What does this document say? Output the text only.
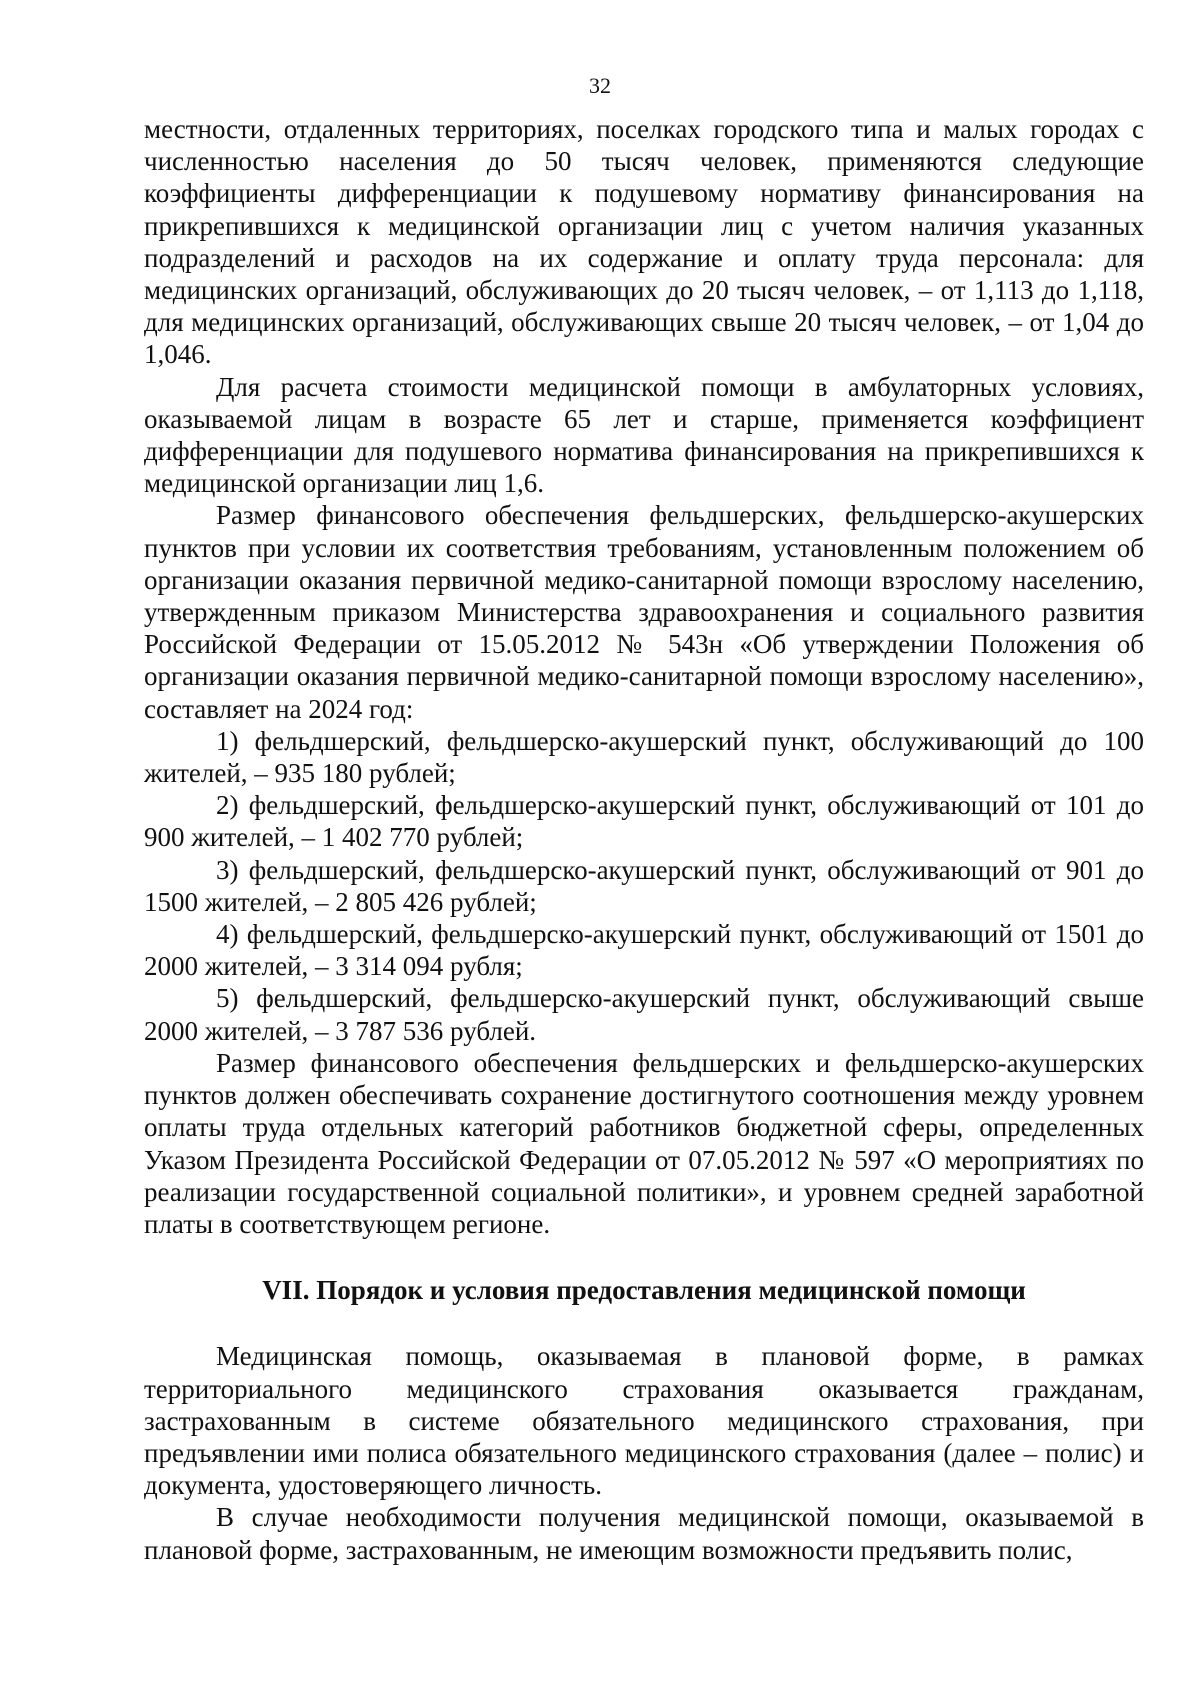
32

местности, отдаленных территориях, поселках городского типа и малых городах с численностью населения до 50 тысяч человек, применяются следующие коэффициенты дифференциации к подушевому нормативу финансирования на прикрепившихся к медицинской организации лиц с учетом наличия указанных подразделений и расходов на их содержание и оплату труда персонала: для медицинских организаций, обслуживающих до 20 тысяч человек, – от 1,113 до 1,118, для медицинских организаций, обслуживающих свыше 20 тысяч человек, – от 1,04 до 1,046.

Для расчета стоимости медицинской помощи в амбулаторных условиях, оказываемой лицам в возрасте 65 лет и старше, применяется коэффициент дифференциации для подушевого норматива финансирования на прикрепившихся к медицинской организации лиц 1,6.

Размер финансового обеспечения фельдшерских, фельдшерско-акушерских пунктов при условии их соответствия требованиям, установленным положением об организации оказания первичной медико-санитарной помощи взрослому населению, утвержденным приказом Министерства здравоохранения и социального развития Российской Федерации от 15.05.2012 № 543н «Об утверждении Положения об организации оказания первичной медико-санитарной помощи взрослому населению», составляет на 2024 год:

1) фельдшерский, фельдшерско-акушерский пункт, обслуживающий до 100 жителей, – 935 180 рублей;

2) фельдшерский, фельдшерско-акушерский пункт, обслуживающий от 101 до 900 жителей, – 1 402 770 рублей;

3) фельдшерский, фельдшерско-акушерский пункт, обслуживающий от 901 до 1500 жителей, – 2 805 426 рублей;

4) фельдшерский, фельдшерско-акушерский пункт, обслуживающий от 1501 до 2000 жителей, – 3 314 094 рубля;

5) фельдшерский, фельдшерско-акушерский пункт, обслуживающий свыше 2000 жителей, – 3 787 536 рублей.

Размер финансового обеспечения фельдшерских и фельдшерско-акушерских пунктов должен обеспечивать сохранение достигнутого соотношения между уровнем оплаты труда отдельных категорий работников бюджетной сферы, определенных Указом Президента Российской Федерации от 07.05.2012 № 597 «О мероприятиях по реализации государственной социальной политики», и уровнем средней заработной платы в соответствующем регионе.

VII. Порядок и условия предоставления медицинской помощи

Медицинская помощь, оказываемая в плановой форме, в рамках территориального медицинского страхования оказывается гражданам, застрахованным в системе обязательного медицинского страхования, при предъявлении ими полиса обязательного медицинского страхования (далее – полис) и документа, удостоверяющего личность.

В случае необходимости получения медицинской помощи, оказываемой в плановой форме, застрахованным, не имеющим возможности предъявить полис,
